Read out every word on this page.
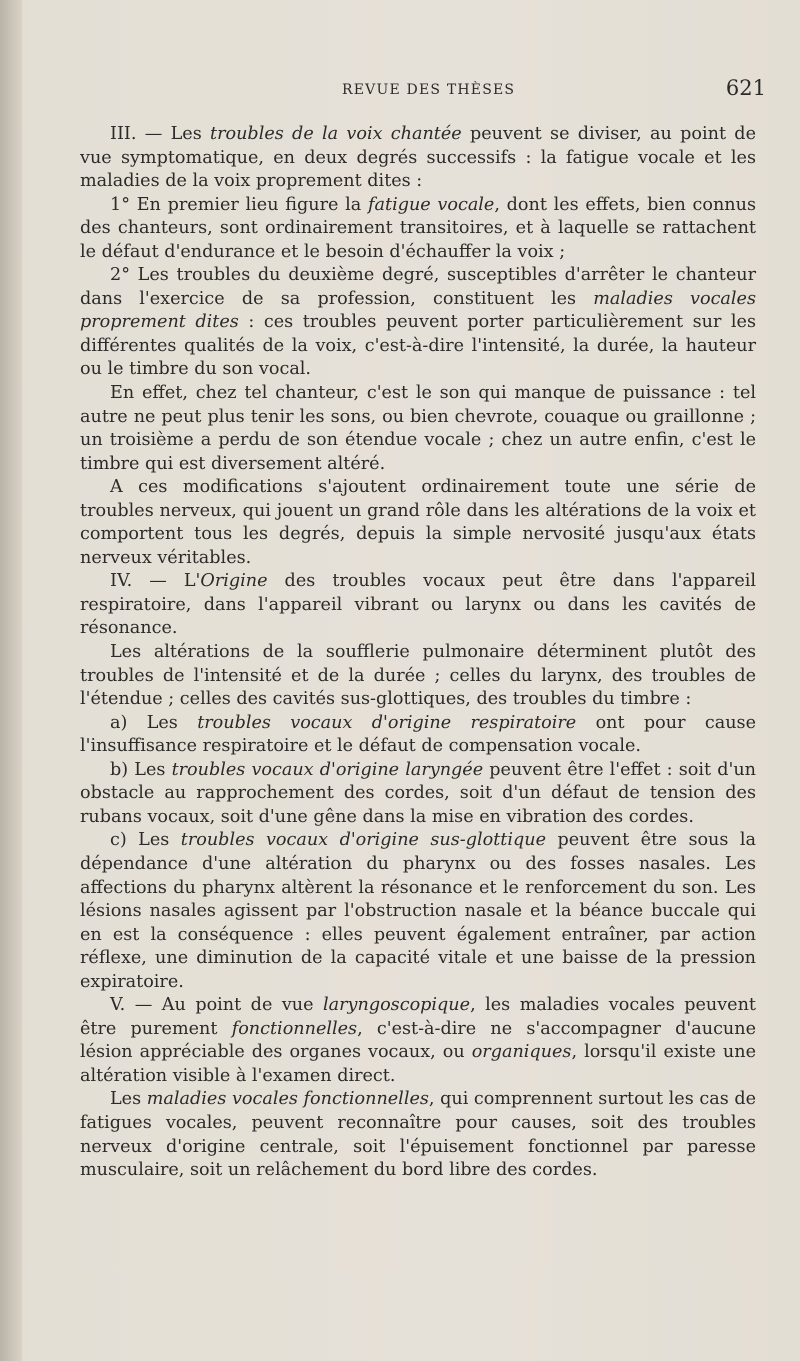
REVUE DES THÈSES	621

III. — Les troubles de la voix chantée peuvent se diviser, au point de vue symptomatique, en deux degrés successifs : la fatigue vocale et les maladies de la voix proprement dites :

1° En premier lieu figure la fatigue vocale, dont les effets, bien connus des chanteurs, sont ordinairement transitoires, et à laquelle se rattachent le défaut d'endurance et le besoin d'échauffer la voix ;

2° Les troubles du deuxième degré, susceptibles d'arrêter le chanteur dans l'exercice de sa profession, constituent les maladies vocales proprement dites : ces troubles peuvent porter particulièrement sur les différentes qualités de la voix, c'est-à-dire l'intensité, la durée, la hauteur ou le timbre du son vocal.

En effet, chez tel chanteur, c'est le son qui manque de puissance : tel autre ne peut plus tenir les sons, ou bien chevrote, couaque ou graillonne ; un troisième a perdu de son étendue vocale ; chez un autre enfin, c'est le timbre qui est diversement altéré.

A ces modifications s'ajoutent ordinairement toute une série de troubles nerveux, qui jouent un grand rôle dans les altérations de la voix et comportent tous les degrés, depuis la simple nervosité jusqu'aux états nerveux véritables.

IV. — L'Origine des troubles vocaux peut être dans l'appareil respiratoire, dans l'appareil vibrant ou larynx ou dans les cavités de résonance.

Les altérations de la soufflerie pulmonaire déterminent plutôt des troubles de l'intensité et de la durée ; celles du larynx, des troubles de l'étendue ; celles des cavités sus-glottiques, des troubles du timbre :

a) Les troubles vocaux d'origine respiratoire ont pour cause l'insuffisance respiratoire et le défaut de compensation vocale.

b) Les troubles vocaux d'origine laryngée peuvent être l'effet : soit d'un obstacle au rapprochement des cordes, soit d'un défaut de tension des rubans vocaux, soit d'une gêne dans la mise en vibration des cordes.

c) Les troubles vocaux d'origine sus-glottique peuvent être sous la dépendance d'une altération du pharynx ou des fosses nasales. Les affections du pharynx altèrent la résonance et le renforcement du son. Les lésions nasales agissent par l'obstruction nasale et la béance buccale qui en est la conséquence : elles peuvent également entraîner, par action réflexe, une diminution de la capacité vitale et une baisse de la pression expiratoire.

V. — Au point de vue laryngoscopique, les maladies vocales peuvent être purement fonctionnelles, c'est-à-dire ne s'accompagner d'aucune lésion appréciable des organes vocaux, ou organiques, lorsqu'il existe une altération visible à l'examen direct.

Les maladies vocales fonctionnelles, qui comprennent surtout les cas de fatigues vocales, peuvent reconnaître pour causes, soit des troubles nerveux d'origine centrale, soit l'épuisement fonctionnel par paresse musculaire, soit un relâchement du bord libre des cordes.
